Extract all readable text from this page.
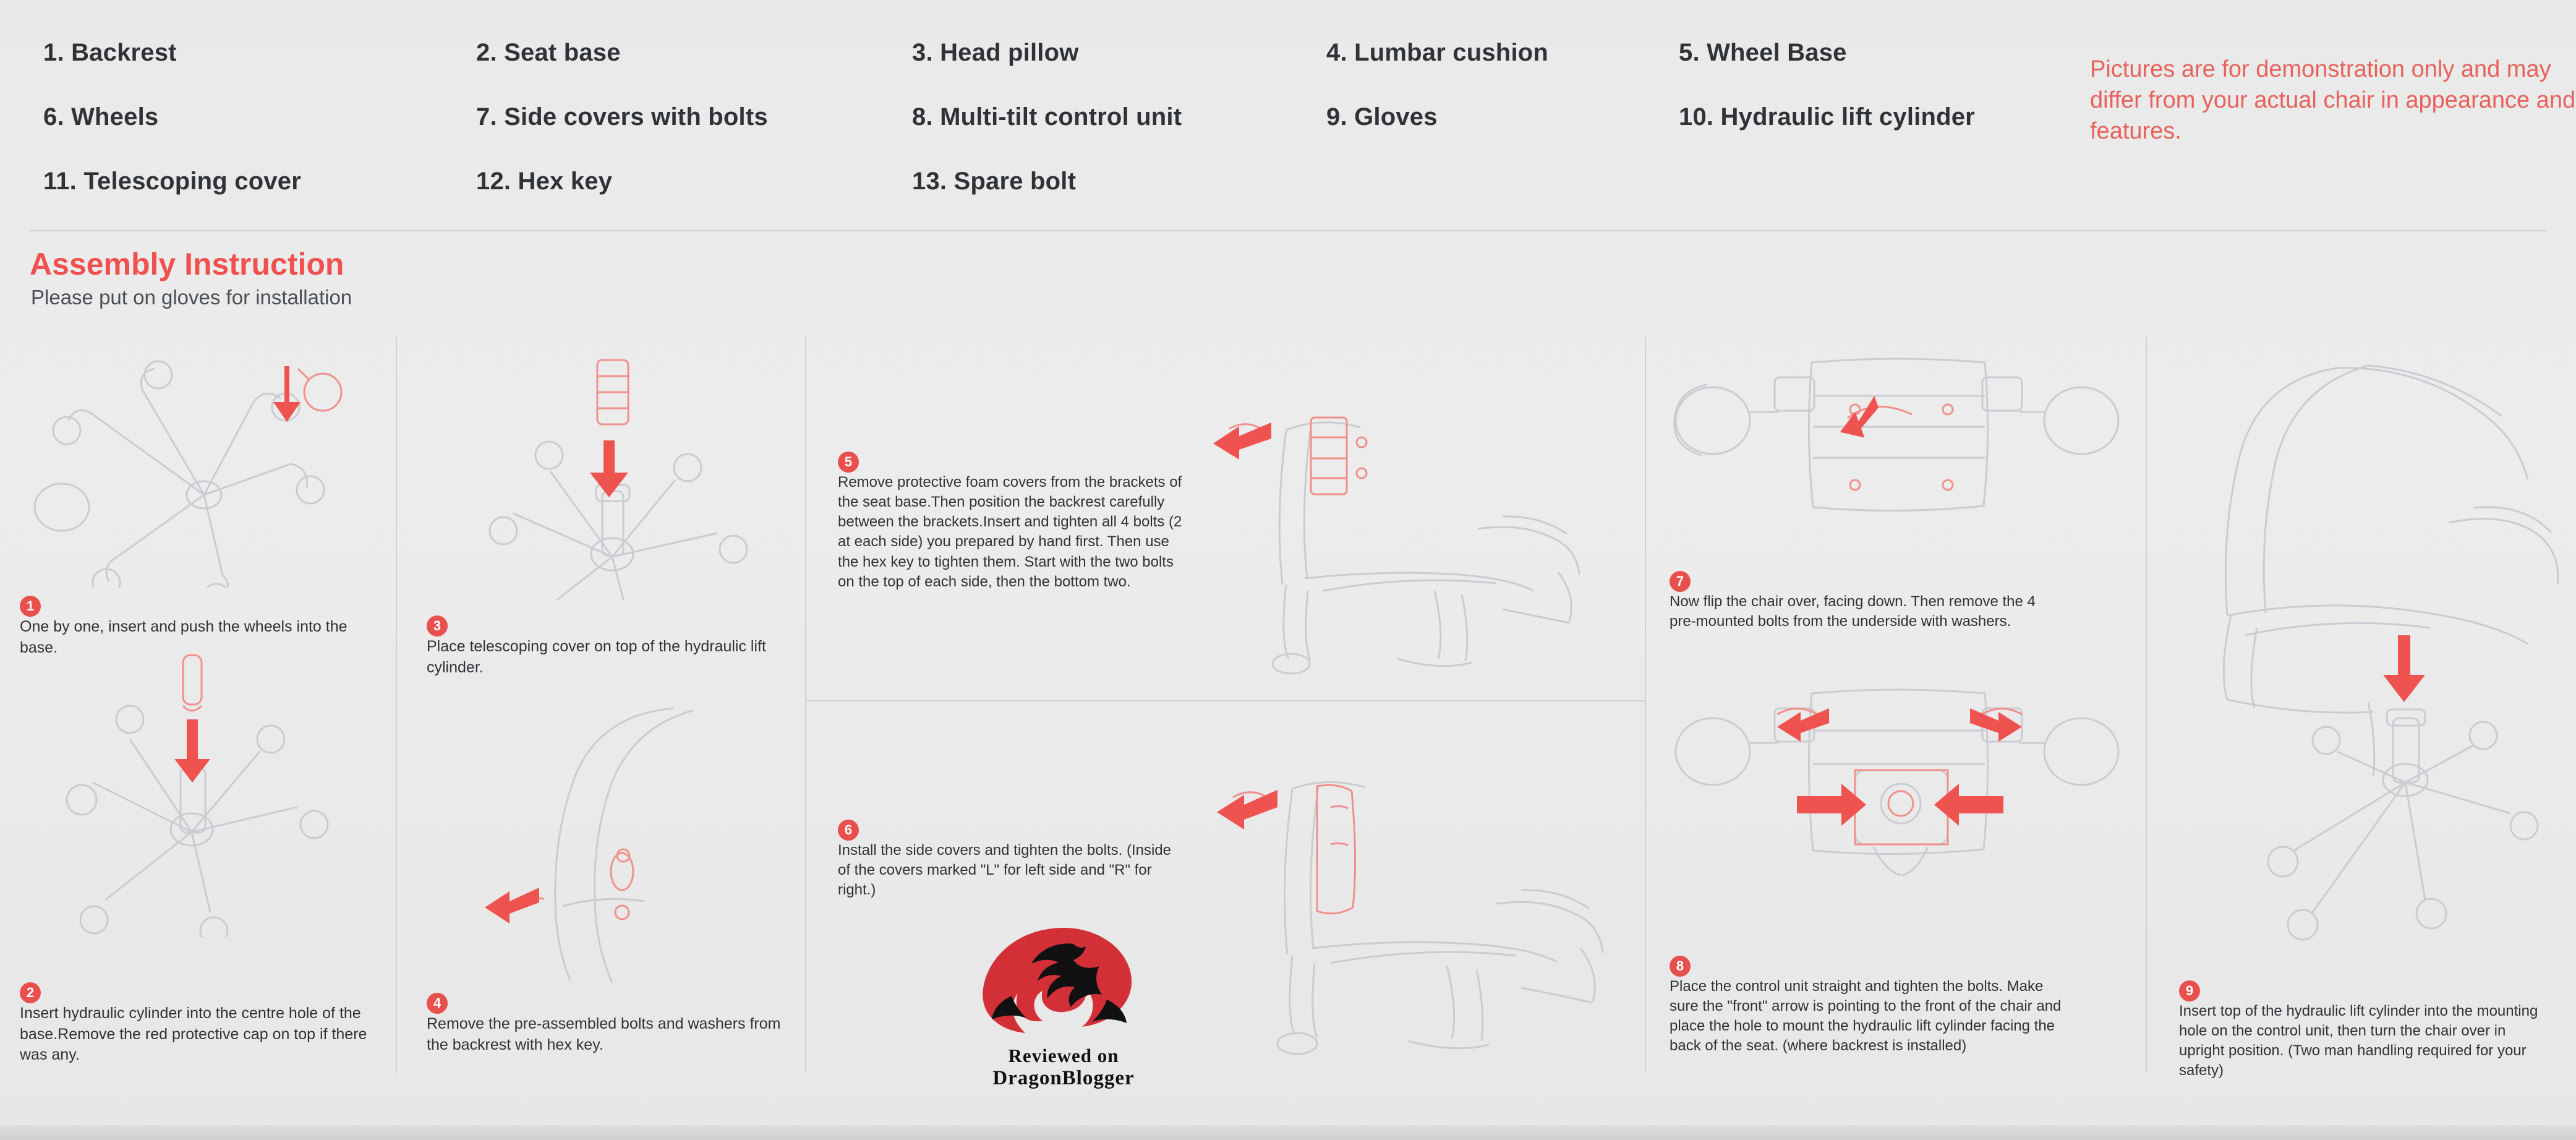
1. Backrest	2. Seat base	3. Head pillow	4. Lumbar cushion	5. Wheel Base
6. Wheels	7. Side covers with bolts	8. Multi-tilt control unit	9. Gloves	10. Hydraulic lift cylinder
11. Telescoping cover	12. Hex key	13. Spare bolt
Pictures are for demonstration only and may differ from your actual chair in appearance and features.
Assembly Instruction
Please put on gloves for installation
1One by one, insert and push the wheels into the base.
2Insert hydraulic cylinder into the centre hole of the base.Remove the red protective cap on top if there was any.
3Place telescoping cover on top of the hydraulic lift cylinder.
4Remove the pre-assembled bolts and washers from the backrest with hex key.
5Remove protective foam covers from the brackets of the seat base.Then position the backrest carefully between the brackets.Insert and tighten all 4 bolts (2 at each side) you prepared by hand first. Then use the hex key to tighten them. Start with the two bolts on the top of each side, then the bottom two.
6Install the side covers and tighten the bolts. (Inside of the covers marked "L" for left side and "R" for right.)
7Now flip the chair over, facing down. Then remove the 4 pre-mounted bolts from the underside with washers.
8Place the control unit straight and tighten the bolts. Make sure the "front" arrow is pointing to the front of the chair and place the hole to mount the hydraulic lift cylinder facing the back of the seat. (where backrest is installed)
9Insert top of the hydraulic lift cylinder into the mounting hole on the control unit, then turn the chair over in upright position. (Two man handling required for your safety)
Reviewed on
DragonBlogger
